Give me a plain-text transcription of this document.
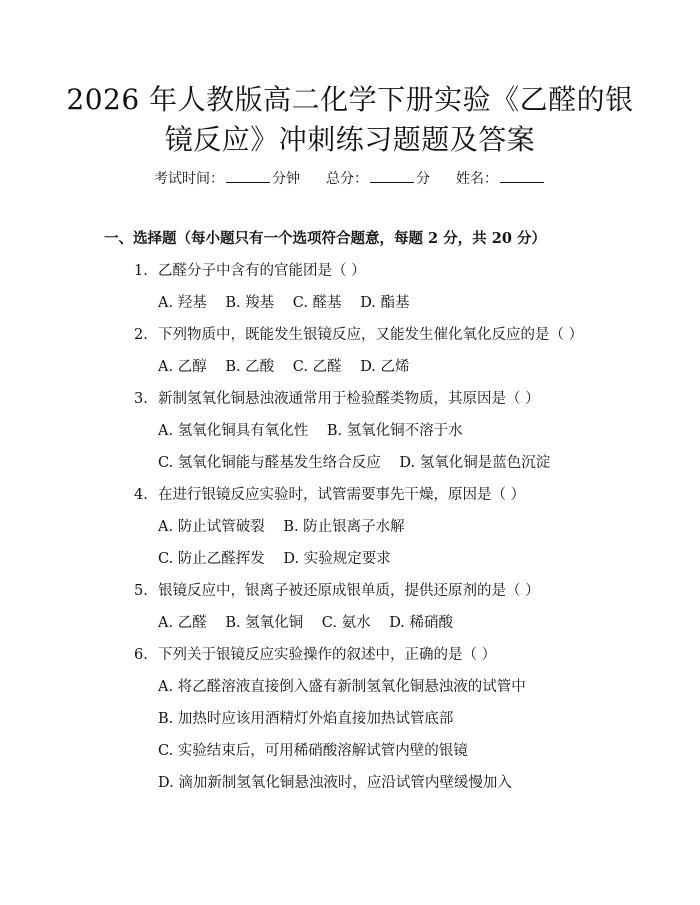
2026 年人教版高二化学下册实验《乙醛的银
镜反应》冲刺练习题题及答案
考试时间：	分钟 总分：	分 姓名：
一、选择题（每小题只有一个选项符合题意，每题 2 分，共 20 分）
1. 乙醛分子中含有的官能团是（ ）
A. 羟基 B. 羧基 C. 醛基 D. 酯基
2. 下列物质中，既能发生银镜反应，又能发生催化氧化反应的是（ ）
A. 乙醇 B. 乙酸 C. 乙醛 D. 乙烯
3. 新制氢氧化铜悬浊液通常用于检验醛类物质，其原因是（ ）
A. 氢氧化铜具有氧化性 B. 氢氧化铜不溶于水
C. 氢氧化铜能与醛基发生络合反应 D. 氢氧化铜是蓝色沉淀
4. 在进行银镜反应实验时，试管需要事先干燥，原因是（ ）
A. 防止试管破裂 B. 防止银离子水解
C. 防止乙醛挥发 D. 实验规定要求
5. 银镜反应中，银离子被还原成银单质，提供还原剂的是（ ）
A. 乙醛 B. 氢氧化铜 C. 氨水 D. 稀硝酸
6. 下列关于银镜反应实验操作的叙述中，正确的是（ ）
A. 将乙醛溶液直接倒入盛有新制氢氧化铜悬浊液的试管中
B. 加热时应该用酒精灯外焰直接加热试管底部
C. 实验结束后，可用稀硝酸溶解试管内壁的银镜
D. 滴加新制氢氧化铜悬浊液时，应沿试管内壁缓慢加入
